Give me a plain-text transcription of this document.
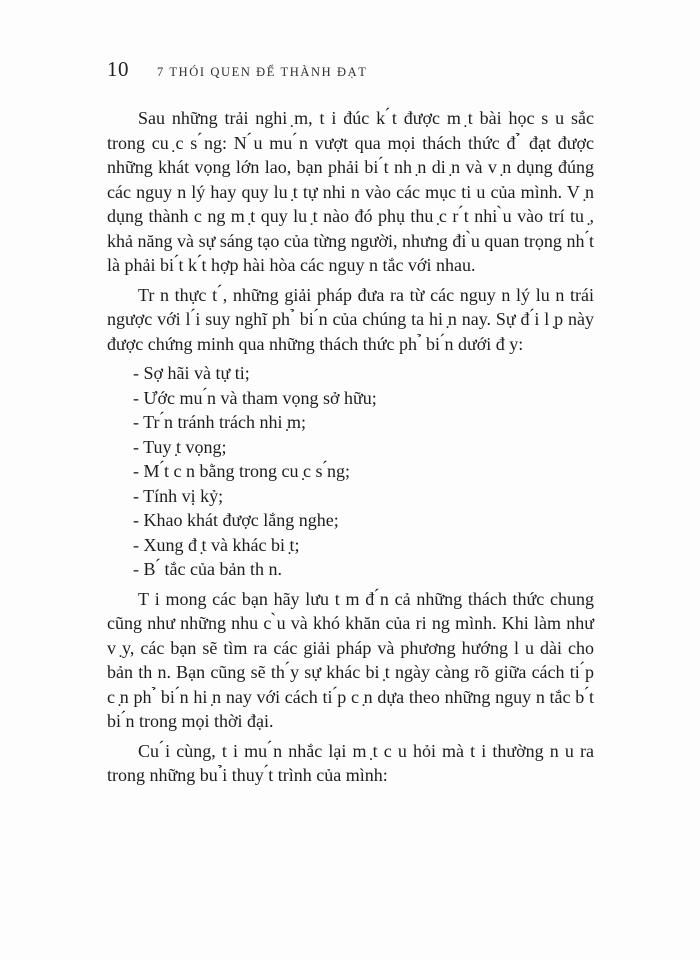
10 7 THÓI QUEN ĐỂ THÀNH ĐẠT

Sau những trải nghi ̣m, t i đúc k ́t được m ̣t bài học s u sắc trong cu ̣c s ́ng: N ́u mu ́n vượt qua mọi thách thức đ ̉ đạt được những khát vọng lớn lao, bạn phải bi ́t nh ̣n di ̣n và v ̣n dụng đúng các nguy n lý hay quy lu ̣t tự nhi n vào các mục ti u của mình. V ̣n dụng thành c ng m ̣t quy lu ̣t nào đó phụ thu ̣c r ́t nhi ̀u vào trí tu ̣, khả năng và sự sáng tạo của từng người, nhưng đi ̀u quan trọng nh ́t là phải bi ́t k ́t hợp hài hòa các nguy n tắc với nhau.

Tr n thực t ́, những giải pháp đưa ra từ các nguy n lý lu n trái ngược với l ́i suy nghĩ ph ̉ bi ́n của chúng ta hi ̣n nay. Sự đ ́i l ̣p này được chứng minh qua những thách thức ph ̉ bi ́n dưới đ y:

- Sợ hãi và tự ti;
- Ước mu ́n và tham vọng sở hữu;
- Tr ́n tránh trách nhi ̣m;
- Tuy ̣t vọng;
- M ́t c n bằng trong cu ̣c s ́ng;
- Tính vị kỷ;
- Khao khát được lắng nghe;
- Xung đ ̣t và khác bi ̣t;
- B ́ tắc của bản th n.

T i mong các bạn hãy lưu t m đ ́n cả những thách thức chung cũng như những nhu c ̀u và khó khăn của ri ng mình. Khi làm như v ̣y, các bạn sẽ tìm ra các giải pháp và phương hướng l u dài cho bản th n. Bạn cũng sẽ th ́y sự khác bi ̣t ngày càng rõ giữa cách ti ́p c ̣n ph ̉ bi ́n hi ̣n nay với cách ti ́p c ̣n dựa theo những nguy n tắc b ́t bi ́n trong mọi thời đại.

Cu ́i cùng, t i mu ́n nhắc lại m ̣t c u hỏi mà t i thường n u ra trong những bu ̉i thuy ́t trình của mình:
